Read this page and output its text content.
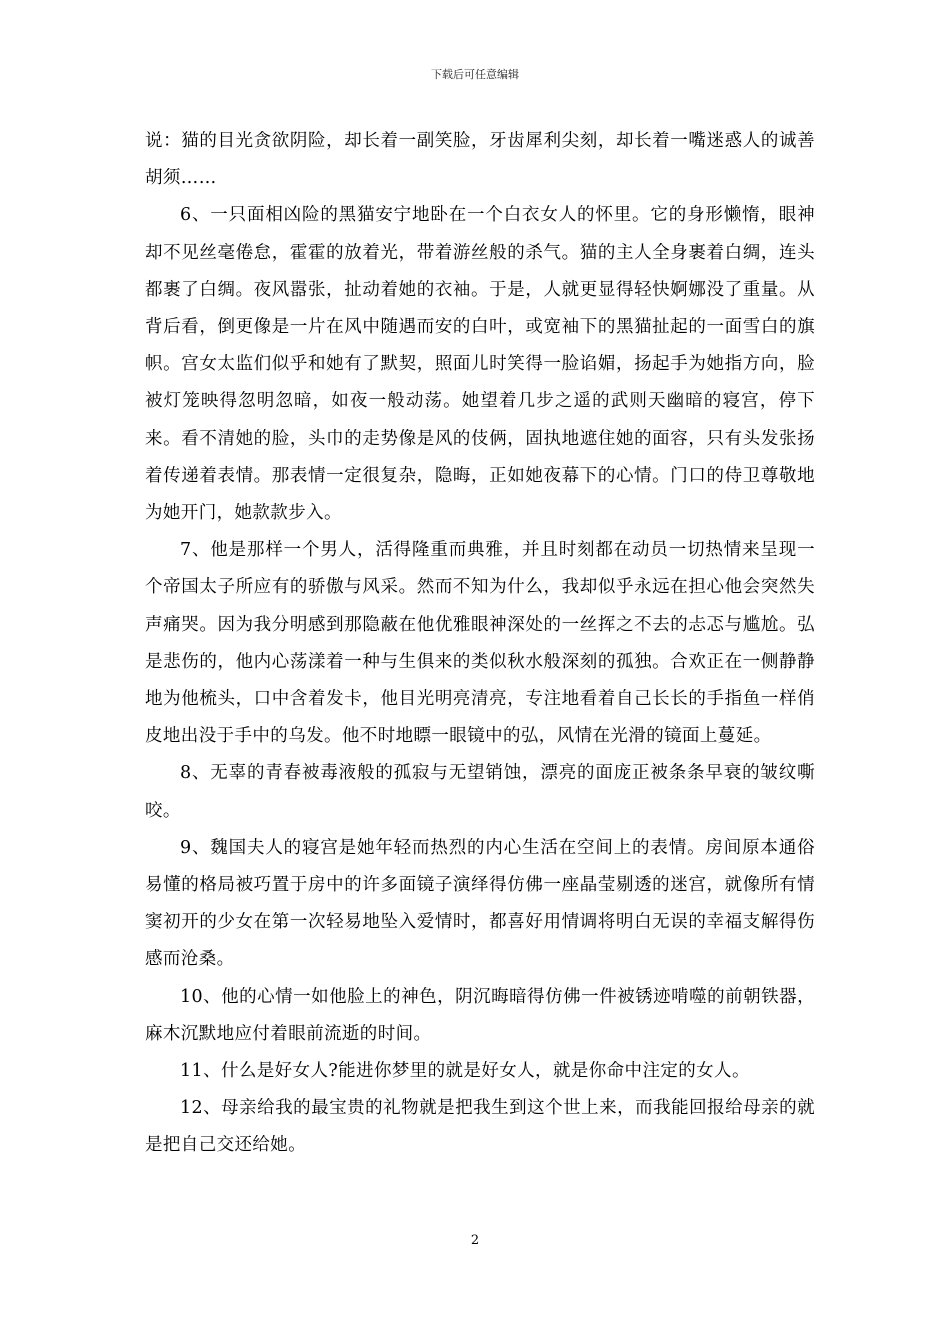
下载后可任意编辑

说：猫的目光贪欲阴险，却长着一副笑脸，牙齿犀利尖刻，却长着一嘴迷惑人的诚善胡须……

6、一只面相凶险的黑猫安宁地卧在一个白衣女人的怀里。它的身形懒惰，眼神却不见丝毫倦怠，霍霍的放着光，带着游丝般的杀气。猫的主人全身裹着白绸，连头都裹了白绸。夜风嚣张，扯动着她的衣袖。于是，人就更显得轻快婀娜没了重量。从背后看，倒更像是一片在风中随遇而安的白叶，或宽袖下的黑猫扯起的一面雪白的旗帜。宫女太监们似乎和她有了默契，照面儿时笑得一脸谄媚，扬起手为她指方向，脸被灯笼映得忽明忽暗，如夜一般动荡。她望着几步之遥的武则天幽暗的寝宫，停下来。看不清她的脸，头巾的走势像是风的伎俩，固执地遮住她的面容，只有头发张扬着传递着表情。那表情一定很复杂，隐晦，正如她夜幕下的心情。门口的侍卫尊敬地为她开门，她款款步入。

7、他是那样一个男人，活得隆重而典雅，并且时刻都在动员一切热情来呈现一个帝国太子所应有的骄傲与风采。然而不知为什么，我却似乎永远在担心他会突然失声痛哭。因为我分明感到那隐蔽在他优雅眼神深处的一丝挥之不去的忐忑与尴尬。弘是悲伤的，他内心荡漾着一种与生俱来的类似秋水般深刻的孤独。合欢正在一侧静静地为他梳头，口中含着发卡，他目光明亮清亮，专注地看着自己长长的手指鱼一样俏皮地出没于手中的乌发。他不时地瞟一眼镜中的弘，风情在光滑的镜面上蔓延。

8、无辜的青春被毒液般的孤寂与无望销蚀，漂亮的面庞正被条条早衰的皱纹嘶咬。

9、魏国夫人的寝宫是她年轻而热烈的内心生活在空间上的表情。房间原本通俗易懂的格局被巧置于房中的许多面镜子演绎得仿佛一座晶莹剔透的迷宫，就像所有情窦初开的少女在第一次轻易地坠入爱情时，都喜好用情调将明白无误的幸福支解得伤感而沧桑。

10、他的心情一如他脸上的神色，阴沉晦暗得仿佛一件被锈迹啃噬的前朝铁器，麻木沉默地应付着眼前流逝的时间。

11、什么是好女人?能进你梦里的就是好女人，就是你命中注定的女人。

12、母亲给我的最宝贵的礼物就是把我生到这个世上来，而我能回报给母亲的就是把自己交还给她。

2
